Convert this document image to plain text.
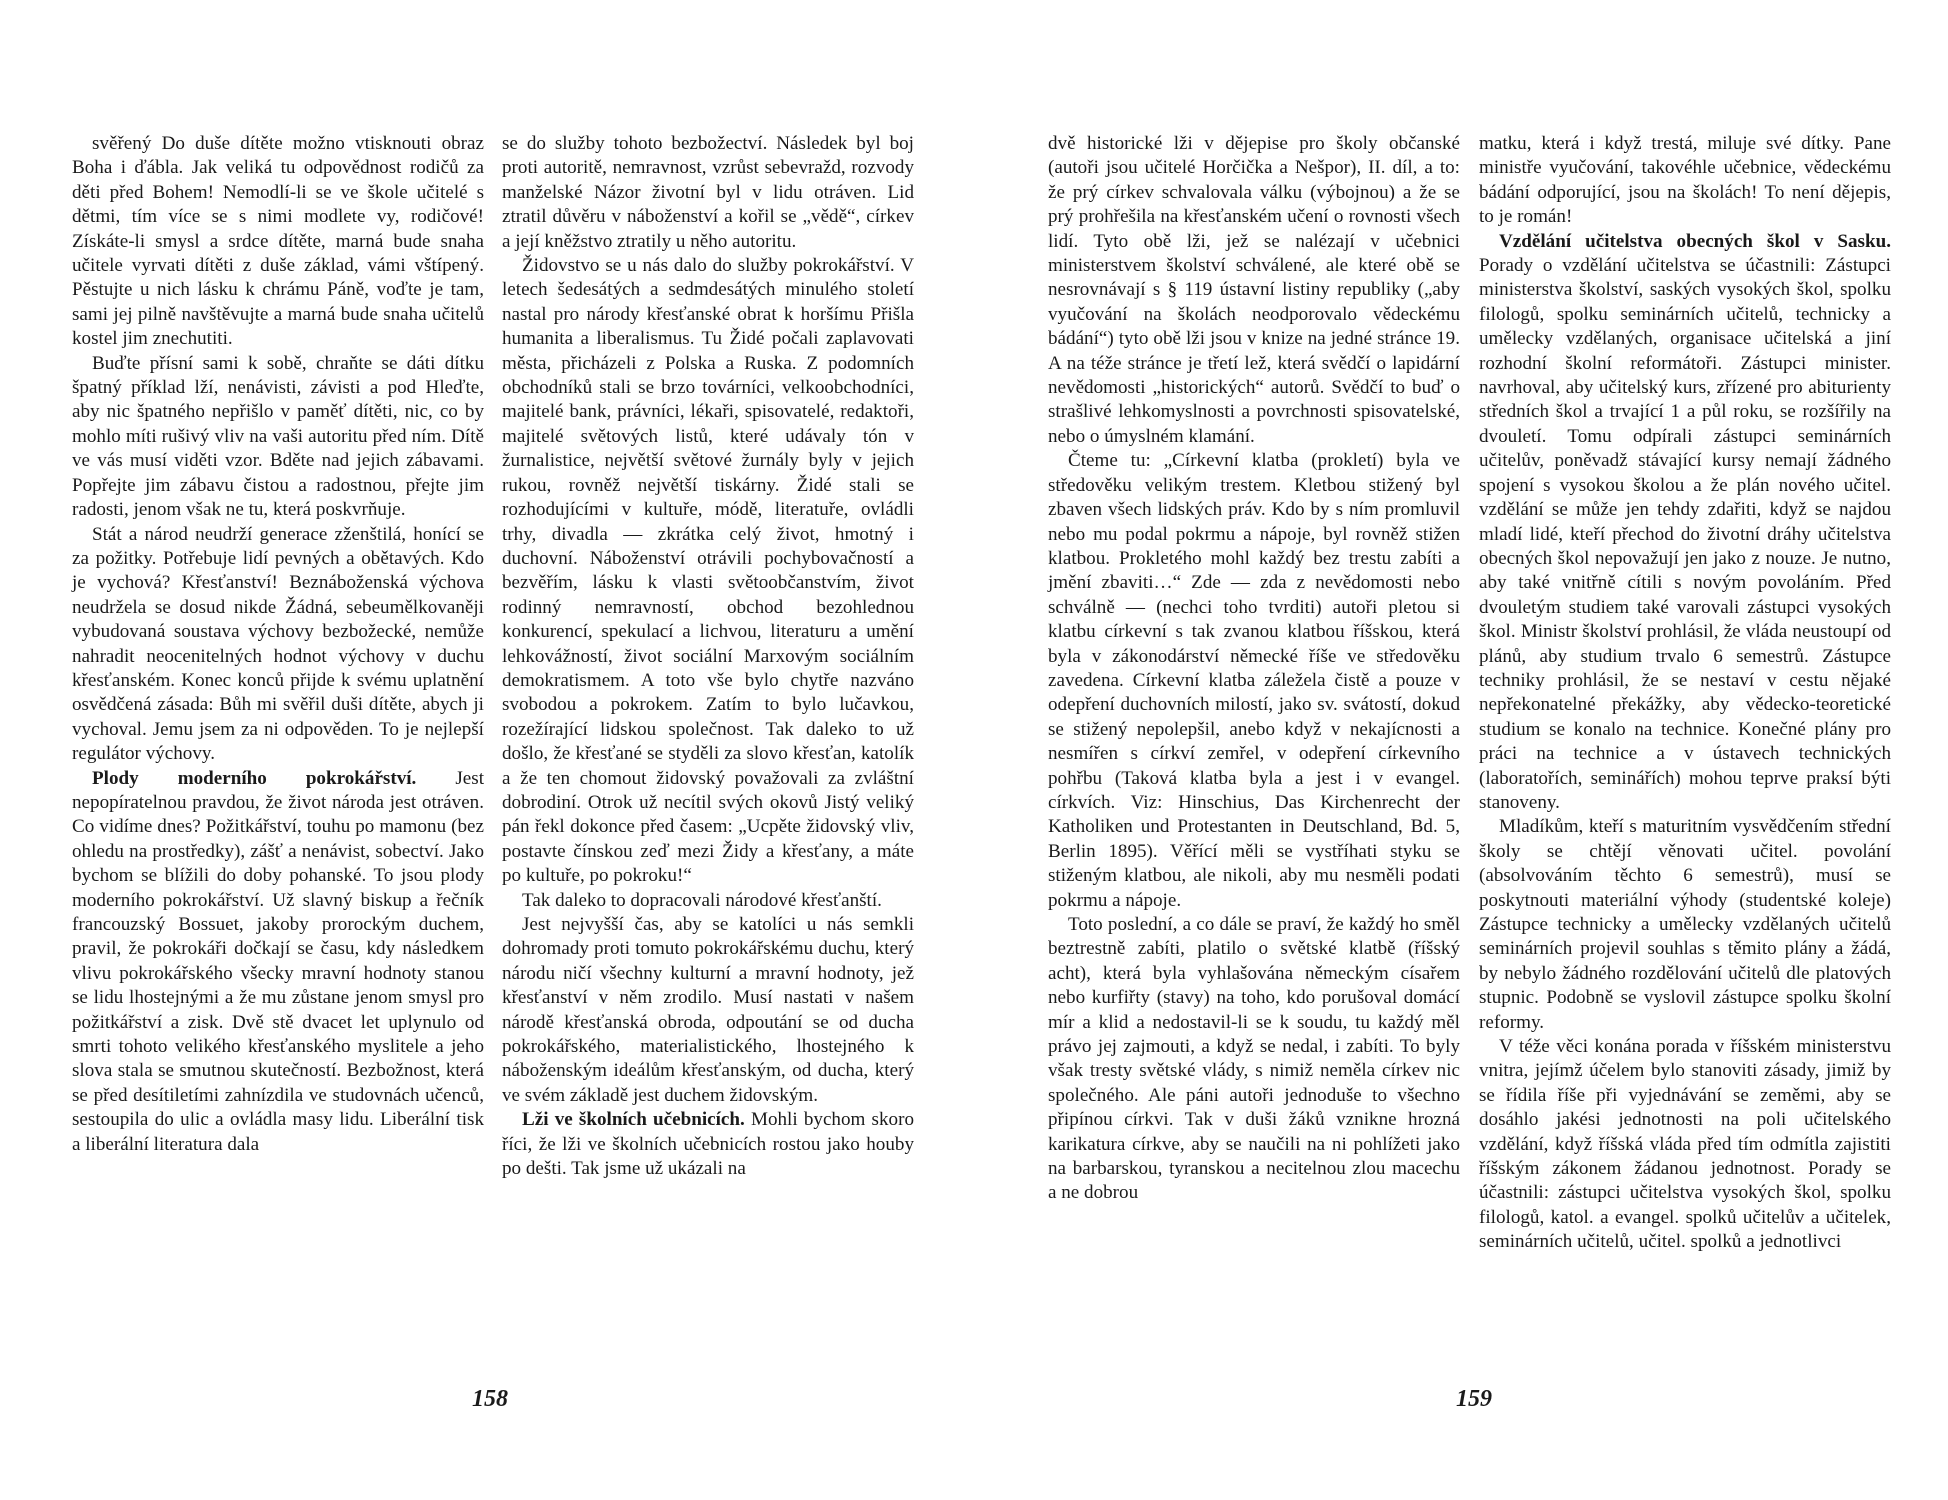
svěřený Do duše dítěte možno vtisknouti obraz Boha i ďábla. Jak veliká tu odpovědnost rodičů za děti před Bohem! Nemodlí-li se ve škole učitelé s dětmi, tím více se s nimi modlete vy, rodičové! Získáte-li smysl a srdce dítěte, marná bude snaha učitele vyrvati dítěti z duše základ, vámi vštípený. Pěstujte u nich lásku k chrámu Páně, voďte je tam, sami jej pilně navštěvujte a marná bude snaha učitelů kostel jim znechutiti.

Buďte přísní sami k sobě, chraňte se dáti dítku špatný příklad lží, nenávisti, závisti a pod Hleďte, aby nic špatného nepřišlo v paměť dítěti, nic, co by mohlo míti rušivý vliv na vaši autoritu před ním. Dítě ve vás musí viděti vzor. Bděte nad jejich zábavami. Popřejte jim zábavu čistou a radostnou, přejte jim radosti, jenom však ne tu, která poskvrňuje.

Stát a národ neudrží generace zženštilá, honící se za požitky. Potřebuje lidí pevných a obětavých. Kdo je vychová? Křesťanství! Beznáboženská výchova neudržela se dosud nikde Žádná, sebeumělkovaněji vybudovaná soustava výchovy bezbožecké, nemůže nahradit neocenitelných hodnot výchovy v duchu křesťanském. Konec konců přijde k svému uplatnění osvědčená zásada: Bůh mi svěřil duši dítěte, abych ji vychoval. Jemu jsem za ni odpověden. To je nejlepší regulátor výchovy.

Plody moderního pokrokářství. Jest nepopíratelnou pravdou, že život národa jest otráven. Co vidíme dnes? Požitkářství, touhu po mamonu (bez ohledu na prostředky), zášť a nenávist, sobectví. Jako bychom se blížili do doby pohanské. To jsou plody moderního pokrokářství. Už slavný biskup a řečník francouzský Bossuet, jakoby prorockým duchem, pravil, že pokrokáři dočkají se času, kdy následkem vlivu pokrokářského všecky mravní hodnoty stanou se lidu lhostejnými a že mu zůstane jenom smysl pro požitkářství a zisk. Dvě stě dvacet let uplynulo od smrti tohoto velikého křesťanského myslitele a jeho slova stala se smutnou skutečností. Bezbožnost, která se před desítiletími zahnízdila ve studovnách učenců, sestoupila do ulic a ovládla masy lidu. Liberální tisk a liberální literatura dala

se do služby tohoto bezbožectví. Následek byl boj proti autoritě, nemravnost, vzrůst sebevražd, rozvody manželské Názor životní byl v lidu otráven. Lid ztratil důvěru v náboženství a kořil se „vědě“, církev a její kněžstvo ztratily u něho autoritu.

Židovstvo se u nás dalo do služby pokrokářství. V letech šedesátých a sedmdesátých minulého století nastal pro národy křesťanské obrat k horšímu Přišla humanita a liberalismus. Tu Židé počali zaplavovati města, přicházeli z Polska a Ruska. Z podomních obchodníků stali se brzo továrníci, velkoobchodníci, majitelé bank, právníci, lékaři, spisovatelé, redaktoři, majitelé světových listů, které udávaly tón v žurnalistice, největší světové žurnály byly v jejich rukou, rovněž největší tiskárny. Židé stali se rozhodujícími v kultuře, módě, literatuře, ovládli trhy, divadla — zkrátka celý život, hmotný i duchovní. Náboženství otrávili pochybovačností a bezvěřím, lásku k vlasti světoobčanstvím, život rodinný nemravností, obchod bezohlednou konkurencí, spekulací a lichvou, literaturu a umění lehkovážností, život sociální Marxovým sociálním demokratismem. A toto vše bylo chytře nazváno svobodou a pokrokem. Zatím to bylo lučavkou, rozežírající lidskou společnost. Tak daleko to už došlo, že křesťané se styděli za slovo křesťan, katolík a že ten chomout židovský považovali za zvláštní dobrodiní. Otrok už necítil svých okovů Jistý veliký pán řekl dokonce před časem: „Ucpěte židovský vliv, postavte čínskou zeď mezi Židy a křesťany, a máte po kultuře, po pokroku!“

Tak daleko to dopracovali národové křesťanští.

Jest nejvyšší čas, aby se katolíci u nás semkli dohromady proti tomuto pokrokářskému duchu, který národu ničí všechny kulturní a mravní hodnoty, jež křesťanství v něm zrodilo. Musí nastati v našem národě křesťanská obroda, odpoutání se od ducha pokrokářského, materialistického, lhostejného k náboženským ideálům křesťanským, od ducha, který ve svém základě jest duchem židovským.

Lži ve školních učebnicích. Mohli bychom skoro říci, že lži ve školních učebnicích rostou jako houby po dešti. Tak jsme už ukázali na

158

dvě historické lži v dějepise pro školy občanské (autoři jsou učitelé Horčička a Nešpor), II. díl, a to: že prý církev schvalovala válku (výbojnou) a že se prý prohřešila na křesťanském učení o rovnosti všech lidí. Tyto obě lži, jež se nalézají v učebnici ministerstvem školství schválené, ale které obě se nesrovnávají s § 119 ústavní listiny republiky („aby vyučování na školách neodporovalo vědeckému bádání“) tyto obě lži jsou v knize na jedné stránce 19. A na téže stránce je třetí lež, která svědčí o lapidární nevědomosti „historických“ autorů. Svědčí to buď o strašlivé lehkomyslnosti a povrchnosti spisovatelské, nebo o úmyslném klamání.

Čteme tu: „Církevní klatba (prokletí) byla ve středověku velikým trestem. Kletbou stižený byl zbaven všech lidských práv. Kdo by s ním promluvil nebo mu podal pokrmu a nápoje, byl rovněž stižen klatbou. Prokletého mohl každý bez trestu zabíti a jmění zbaviti…“ Zde — zda z nevědomosti nebo schválně — (nechci toho tvrditi) autoři pletou si klatbu církevní s tak zvanou klatbou říšskou, která byla v zákonodárství německé říše ve středověku zavedena. Církevní klatba záležela čistě a pouze v odepření duchovních milostí, jako sv. svátostí, dokud se stižený nepolepšil, anebo když v nekajícnosti a nesmířen s církví zemřel, v odepření církevního pohřbu (Taková klatba byla a jest i v evangel. církvích. Viz: Hinschius, Das Kirchenrecht der Katholiken und Protestanten in Deutschland, Bd. 5, Berlin 1895). Věřící měli se vystříhati styku se stiženým klatbou, ale nikoli, aby mu nesměli podati pokrmu a nápoje.

Toto poslední, a co dále se praví, že každý ho směl beztrestně zabíti, platilo o světské klatbě (říšský acht), která byla vyhlašována německým císařem nebo kurfiřty (stavy) na toho, kdo porušoval domácí mír a klid a nedostavil-li se k soudu, tu každý měl právo jej zajmouti, a když se nedal, i zabíti. To byly však tresty světské vlády, s nimiž neměla církev nic společného. Ale páni autoři jednoduše to všechno připínou církvi. Tak v duši žáků vznikne hrozná karikatura církve, aby se naučili na ni pohlížeti jako na barbarskou, tyranskou a necitelnou zlou macechu a ne dobrou

matku, která i když trestá, miluje své dítky. Pane ministře vyučování, takovéhle učebnice, vědeckému bádání odporující, jsou na školách! To není dějepis, to je román!

Vzdělání učitelstva obecných škol v Sasku. Porady o vzdělání učitelstva se účastnili: Zástupci ministerstva školství, saských vysokých škol, spolku filologů, spolku seminárních učitelů, technicky a umělecky vzdělaných, organisace učitelská a jiní rozhodní školní reformátoři. Zástupci minister. navrhoval, aby učitelský kurs, zřízené pro abiturienty středních škol a trvající 1 a půl roku, se rozšířily na dvouletí. Tomu odpírali zástupci seminárních učitelův, poněvadž stávající kursy nemají žádného spojení s vysokou školou a že plán nového učitel. vzdělání se může jen tehdy zdařiti, když se najdou mladí lidé, kteří přechod do životní dráhy učitelstva obecných škol nepovažují jen jako z nouze. Je nutno, aby také vnitřně cítili s novým povoláním. Před dvouletým studiem také varovali zástupci vysokých škol. Ministr školství prohlásil, že vláda neustoupí od plánů, aby studium trvalo 6 semestrů. Zástupce techniky prohlásil, že se nestaví v cestu nějaké nepřekonatelné překážky, aby vědecko-teoretické studium se konalo na technice. Konečné plány pro práci na technice a v ústavech technických (laboratořích, seminářích) mohou teprve praksí býti stanoveny.

Mladíkům, kteří s maturitním vysvědčením střední školy se chtějí věnovati učitel. povolání (absolvováním těchto 6 semestrů), musí se poskytnouti materiální výhody (studentské koleje) Zástupce technicky a umělecky vzdělaných učitelů seminárních projevil souhlas s těmito plány a žádá, by nebylo žádného rozdělování učitelů dle platových stupnic. Podobně se vyslovil zástupce spolku školní reformy.

V téže věci konána porada v říšském ministerstvu vnitra, jejímž účelem bylo stanoviti zásady, jimiž by se řídila říše při vyjednávání se zeměmi, aby se dosáhlo jakési jednotnosti na poli učitelského vzdělání, když říšská vláda před tím odmítla zajistiti říšským zákonem žádanou jednotnost. Porady se účastnili: zástupci učitelstva vysokých škol, spolku filologů, katol. a evangel. spolků učitelův a učitelek, seminárních učitelů, učitel. spolků a jednotlivci

159
